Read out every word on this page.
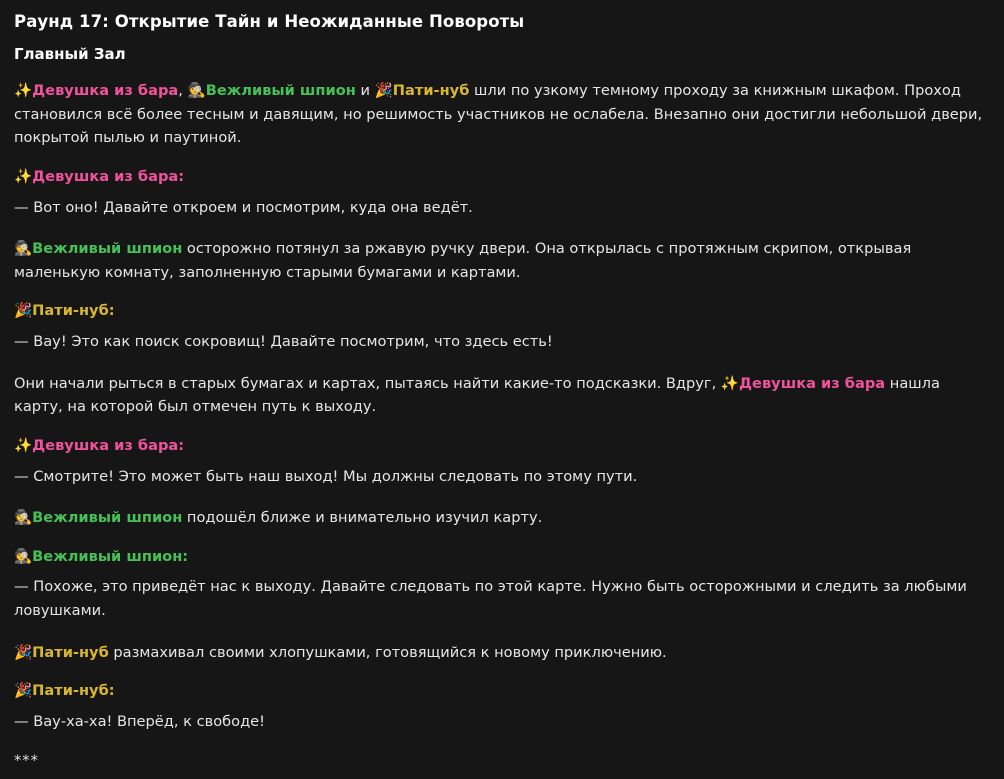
Раунд 17: Открытие Тайн и Неожиданные Повороты
Главный Зал

✨Девушка из бара, 🕵Вежливый шпион и 🎉Пати-нуб шли по узкому темному проходу за книжным шкафом. Проход становился всё более тесным и давящим, но решимость участников не ослабела. Внезапно они достигли небольшой двери, покрытой пылью и паутиной.

✨Девушка из бара:

— Вот оно! Давайте откроем и посмотрим, куда она ведёт.

🕵Вежливый шпион осторожно потянул за ржавую ручку двери. Она открылась с протяжным скрипом, открывая маленькую комнату, заполненную старыми бумагами и картами.

🎉Пати-нуб:

— Вау! Это как поиск сокровищ! Давайте посмотрим, что здесь есть!

Они начали рыться в старых бумагах и картах, пытаясь найти какие-то подсказки. Вдруг, ✨Девушка из бара нашла карту, на которой был отмечен путь к выходу.

✨Девушка из бара:

— Смотрите! Это может быть наш выход! Мы должны следовать по этому пути.

🕵Вежливый шпион подошёл ближе и внимательно изучил карту.

🕵Вежливый шпион:

— Похоже, это приведёт нас к выходу. Давайте следовать по этой карте. Нужно быть осторожными и следить за любыми ловушками.

🎉Пати-нуб размахивал своими хлопушками, готовящийся к новому приключению.

🎉Пати-нуб:

— Вау-ха-ха! Вперёд, к свободе!

***
